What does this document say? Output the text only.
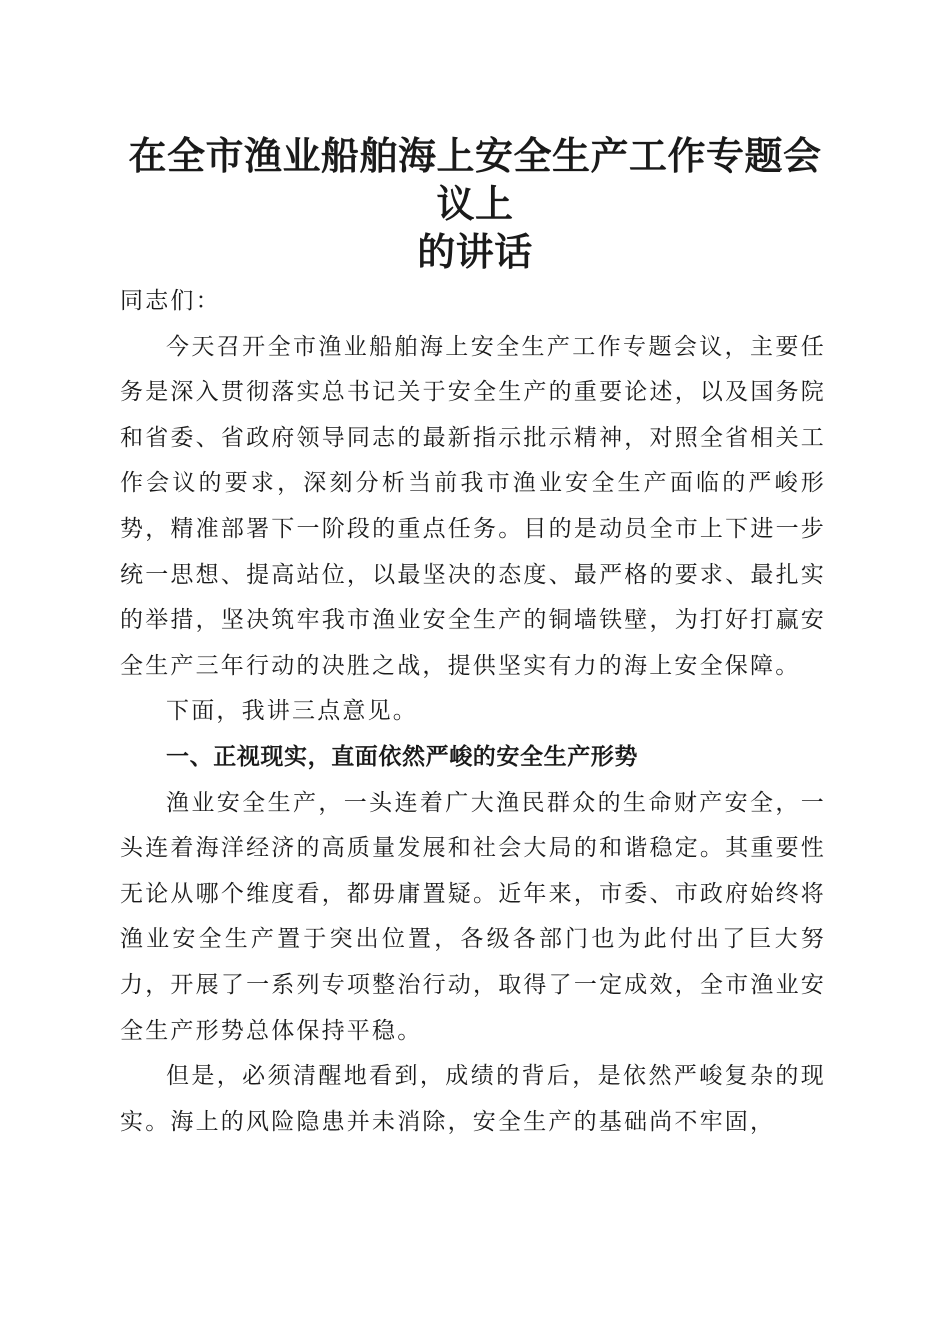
在全市渔业船舶海上安全生产工作专题会议上
的讲话

同志们：

今天召开全市渔业船舶海上安全生产工作专题会议，主要任务是深入贯彻落实总书记关于安全生产的重要论述，以及国务院和省委、省政府领导同志的最新指示批示精神，对照全省相关工作会议的要求，深刻分析当前我市渔业安全生产面临的严峻形势，精准部署下一阶段的重点任务。目的是动员全市上下进一步统一思想、提高站位，以最坚决的态度、最严格的要求、最扎实的举措，坚决筑牢我市渔业安全生产的铜墙铁壁，为打好打赢安全生产三年行动的决胜之战，提供坚实有力的海上安全保障。

下面，我讲三点意见。

一、正视现实，直面依然严峻的安全生产形势

渔业安全生产，一头连着广大渔民群众的生命财产安全，一头连着海洋经济的高质量发展和社会大局的和谐稳定。其重要性无论从哪个维度看，都毋庸置疑。近年来，市委、市政府始终将渔业安全生产置于突出位置，各级各部门也为此付出了巨大努力，开展了一系列专项整治行动，取得了一定成效，全市渔业安全生产形势总体保持平稳。

但是，必须清醒地看到，成绩的背后，是依然严峻复杂的现实。海上的风险隐患并未消除，安全生产的基础尚不牢固，
